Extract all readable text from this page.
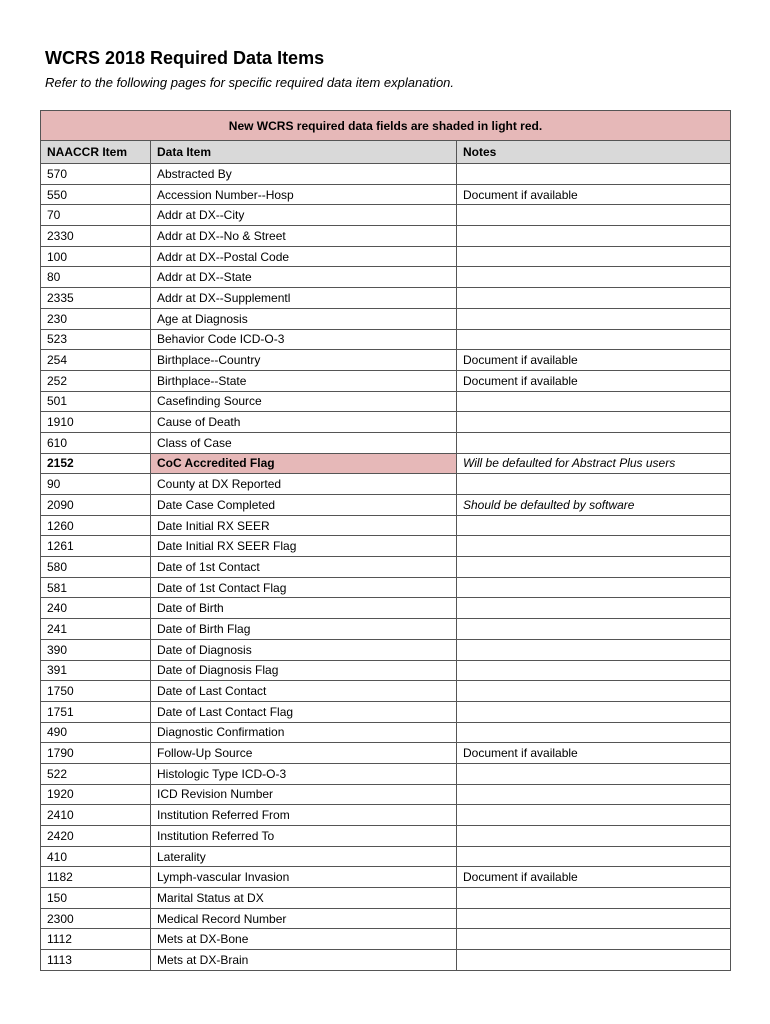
WCRS 2018 Required Data Items

Refer to the following pages for specific required data item explanation.

New WCRS required data fields are shaded in light red.		
NAACCR Item	Data Item	Notes
570	Abstracted By	
550	Accession Number--Hosp	Document if available
70	Addr at DX--City	
2330	Addr at DX--No & Street	
100	Addr at DX--Postal Code	
80	Addr at DX--State	
2335	Addr at DX--Supplementl	
230	Age at Diagnosis	
523	Behavior Code ICD-O-3	
254	Birthplace--Country	Document if available
252	Birthplace--State	Document if available
501	Casefinding Source	
1910	Cause of Death	
610	Class of Case	
2152	CoC Accredited Flag	Will be defaulted for Abstract Plus users
90	County at DX Reported	
2090	Date Case Completed	Should be defaulted by software
1260	Date Initial RX SEER	
1261	Date Initial RX SEER Flag	
580	Date of 1st Contact	
581	Date of 1st Contact Flag	
240	Date of Birth	
241	Date of Birth Flag	
390	Date of Diagnosis	
391	Date of Diagnosis Flag	
1750	Date of Last Contact	
1751	Date of Last Contact Flag	
490	Diagnostic Confirmation	
1790	Follow-Up Source	Document if available
522	Histologic Type ICD-O-3	
1920	ICD Revision Number	
2410	Institution Referred From	
2420	Institution Referred To	
410	Laterality	
1182	Lymph-vascular Invasion	Document if available
150	Marital Status at DX	
2300	Medical Record Number	
1112	Mets at DX-Bone	
1113	Mets at DX-Brain	
